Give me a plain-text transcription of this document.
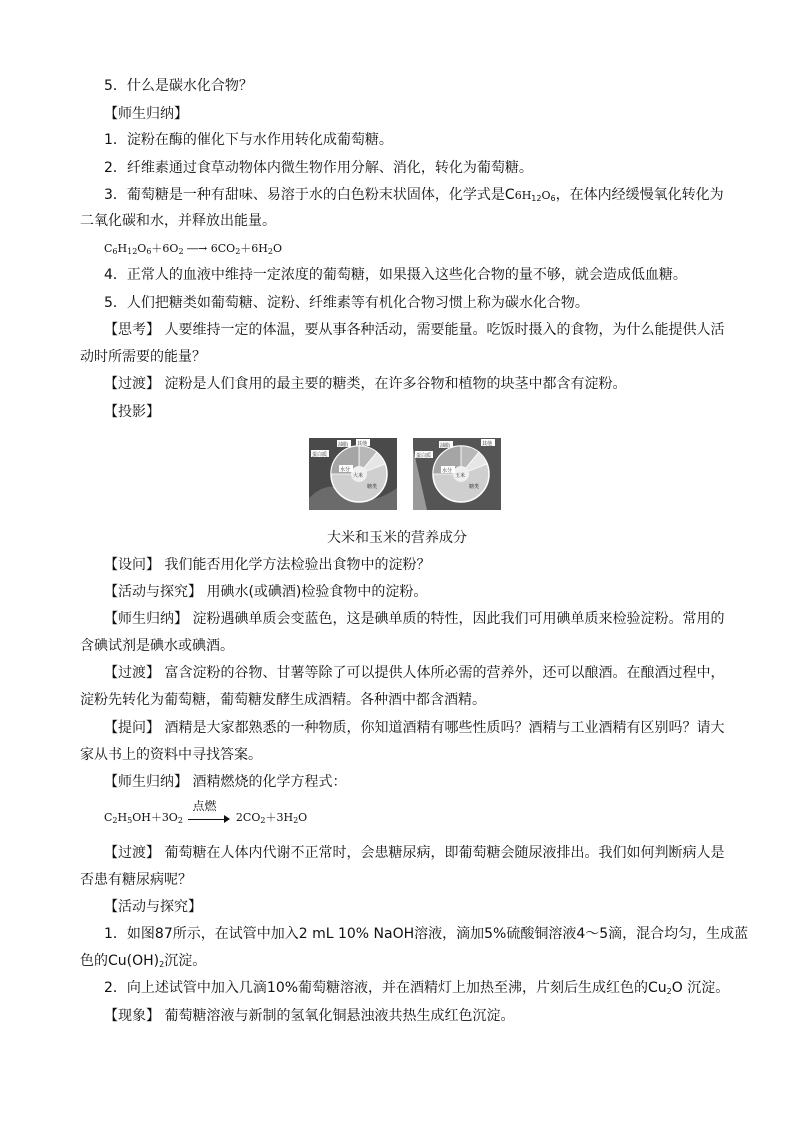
5．什么是碳水化合物？
【师生归纳】
1．淀粉在酶的催化下与水作用转化成葡萄糖。
2．纤维素通过食草动物体内微生物作用分解、消化，转化为葡萄糖。
3．葡萄糖是一种有甜味、易溶于水的白色粉末状固体，化学式是$C6H_{12}O_6$，在体内经缓慢氧化转化为
二氧化碳和水，并释放出能量。
$C_6H_{12}O_6+6O_2$ ―→ $6CO_2+6H_2O$
4．正常人的血液中维持一定浓度的葡萄糖，如果摄入这些化合物的量不够，就会造成低血糖。
5．人们把糖类如葡萄糖、淀粉、纤维素等有机化合物习惯上称为碳水化合物。
【思考】 人要维持一定的体温，要从事各种活动，需要能量。吃饭时摄入的食物，为什么能提供人活
动时所需要的能量？
【过渡】 淀粉是人们食用的最主要的糖类，在许多谷物和植物的块茎中都含有淀粉。
【投影】
油脂 其他
蛋白质
水分
大米
糖类
油脂	其他
蛋白质
水分
玉米
糖类
大米和玉米的营养成分
【设问】 我们能否用化学方法检验出食物中的淀粉？
【活动与探究】 用碘水(或碘酒)检验食物中的淀粉。
【师生归纳】 淀粉遇碘单质会变蓝色，这是碘单质的特性，因此我们可用碘单质来检验淀粉。常用的
含碘试剂是碘水或碘酒。
【过渡】 富含淀粉的谷物、甘薯等除了可以提供人体所必需的营养外，还可以酿酒。在酿酒过程中，
淀粉先转化为葡萄糖，葡萄糖发酵生成酒精。各种酒中都含酒精。
【提问】 酒精是大家都熟悉的一种物质，你知道酒精有哪些性质吗？酒精与工业酒精有区别吗？请大
家从书上的资料中寻找答案。
【师生归纳】 酒精燃烧的化学方程式：
$C_2H_5OH+3O_2$
点燃
$2CO_2+3H_2O$
【过渡】 葡萄糖在人体内代谢不正常时，会患糖尿病，即葡萄糖会随尿液排出。我们如何判断病人是
否患有糖尿病呢？
【活动与探究】
1．如图87所示，在试管中加入2 mL 10% NaOH溶液，滴加5%硫酸铜溶液4～5滴，混合均匀，生成蓝
色的$Cu(OH)_2$沉淀。
2．向上述试管中加入几滴10%葡萄糖溶液，并在酒精灯上加热至沸，片刻后生成红色的$Cu_2O$ 沉淀。
【现象】 葡萄糖溶液与新制的氢氧化铜悬浊液共热生成红色沉淀。
